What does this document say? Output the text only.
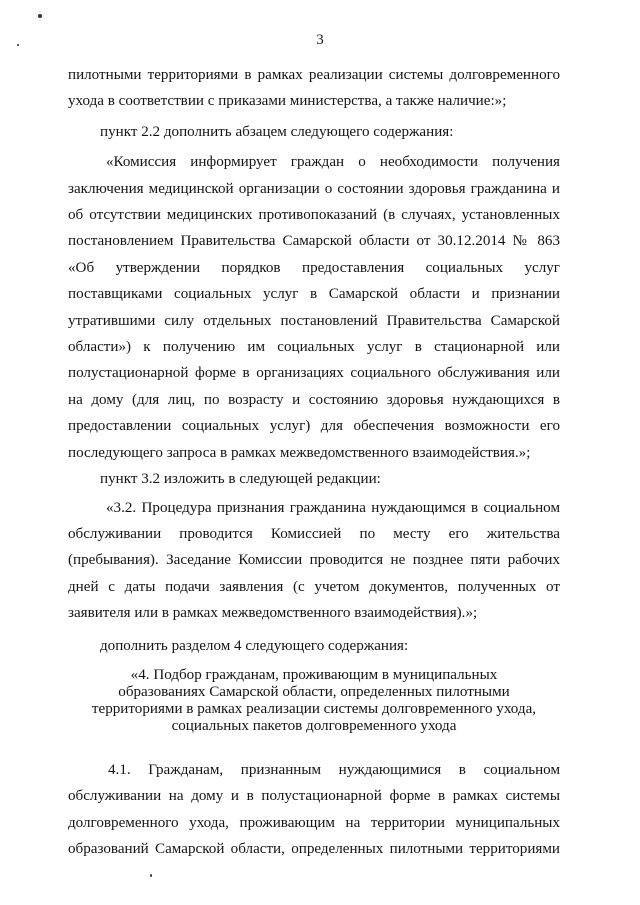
3

пилотными территориями в рамках реализации системы долговременного ухода в соответствии с приказами министерства, а также наличие:»;

пункт 2.2 дополнить абзацем следующего содержания:

«Комиссия информирует граждан о необходимости получения заключения медицинской организации о состоянии здоровья гражданина и об отсутствии медицинских противопоказаний (в случаях, установленных постановлением Правительства Самарской области от 30.12.2014 № 863 «Об утверждении порядков предоставления социальных услуг поставщиками социальных услуг в Самарской области и признании утратившими силу отдельных постановлений Правительства Самарской области») к получению им социальных услуг в стационарной или полустационарной форме в организациях социального обслуживания или на дому (для лиц, по возрасту и состоянию здоровья нуждающихся в предоставлении социальных услуг) для обеспечения возможности его последующего запроса в рамках межведомственного взаимодействия.»;

пункт 3.2 изложить в следующей редакции:

«3.2. Процедура признания гражданина нуждающимся в социальном обслуживании проводится Комиссией по месту его жительства (пребывания). Заседание Комиссии проводится не позднее пяти рабочих дней с даты подачи заявления (с учетом документов, полученных от заявителя или в рамках межведомственного взаимодействия).»;

дополнить разделом 4 следующего содержания:

«4. Подбор гражданам, проживающим в муниципальных
образованиях Самарской области, определенных пилотными
территориями в рамках реализации системы долговременного ухода,
социальных пакетов долговременного ухода

4.1. Гражданам, признанным нуждающимися в социальном обслуживании на дому и в полустационарной форме в рамках системы долговременного ухода, проживающим на территории муниципальных образований Самарской области, определенных пилотными территориями
